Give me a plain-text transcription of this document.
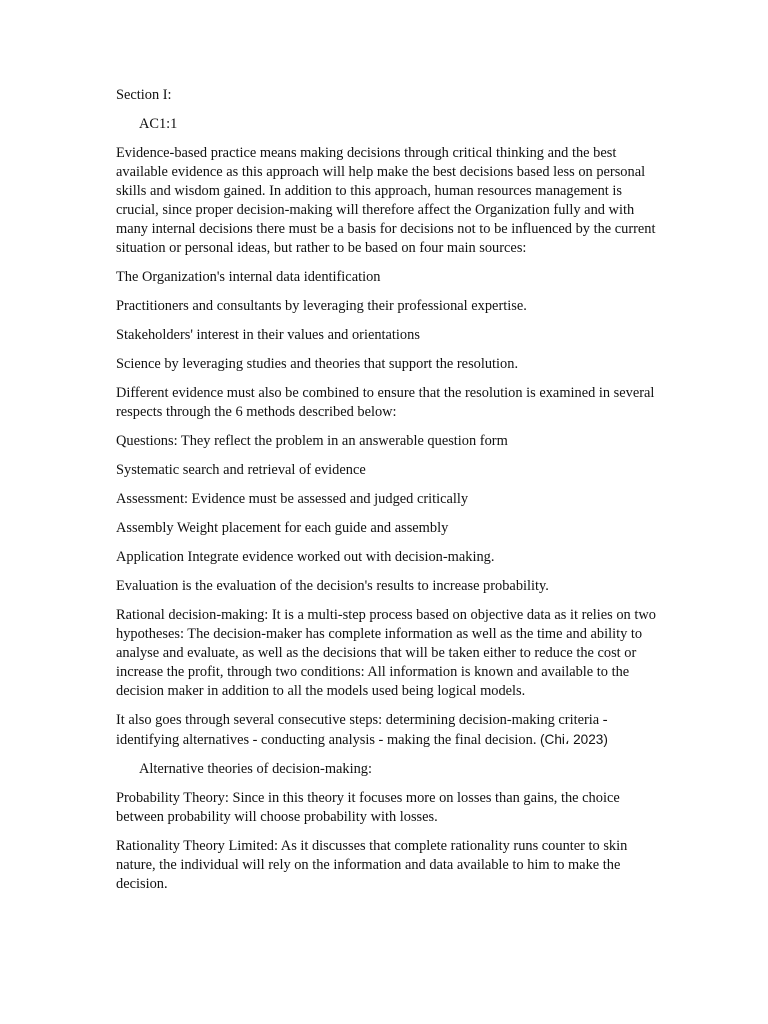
Section I:

AC1:1

Evidence-based practice means making decisions through critical thinking and the best available evidence as this approach will help make the best decisions based less on personal skills and wisdom gained. In addition to this approach, human resources management is crucial, since proper decision-making will therefore affect the Organization fully and with many internal decisions there must be a basis for decisions not to be influenced by the current situation or personal ideas, but rather to be based on four main sources:

The Organization's internal data identification

Practitioners and consultants by leveraging their professional expertise.

Stakeholders' interest in their values and orientations

Science by leveraging studies and theories that support the resolution.

Different evidence must also be combined to ensure that the resolution is examined in several respects through the 6 methods described below:

Questions: They reflect the problem in an answerable question form

Systematic search and retrieval of evidence

Assessment: Evidence must be assessed and judged critically

Assembly Weight placement for each guide and assembly

Application Integrate evidence worked out with decision-making.

Evaluation is the evaluation of the decision's results to increase probability.

Rational decision-making: It is a multi-step process based on objective data as it relies on two hypotheses: The decision-maker has complete information as well as the time and ability to analyse and evaluate, as well as the decisions that will be taken either to reduce the cost or increase the profit, through two conditions: All information is known and available to the decision maker in addition to all the models used being logical models.

It also goes through several consecutive steps: determining decision-making criteria - identifying alternatives - conducting analysis - making the final decision. (Chi، 2023)

Alternative theories of decision-making:

Probability Theory: Since in this theory it focuses more on losses than gains, the choice between probability will choose probability with losses.

Rationality Theory Limited: As it discusses that complete rationality runs counter to skin nature, the individual will rely on the information and data available to him to make the decision.
